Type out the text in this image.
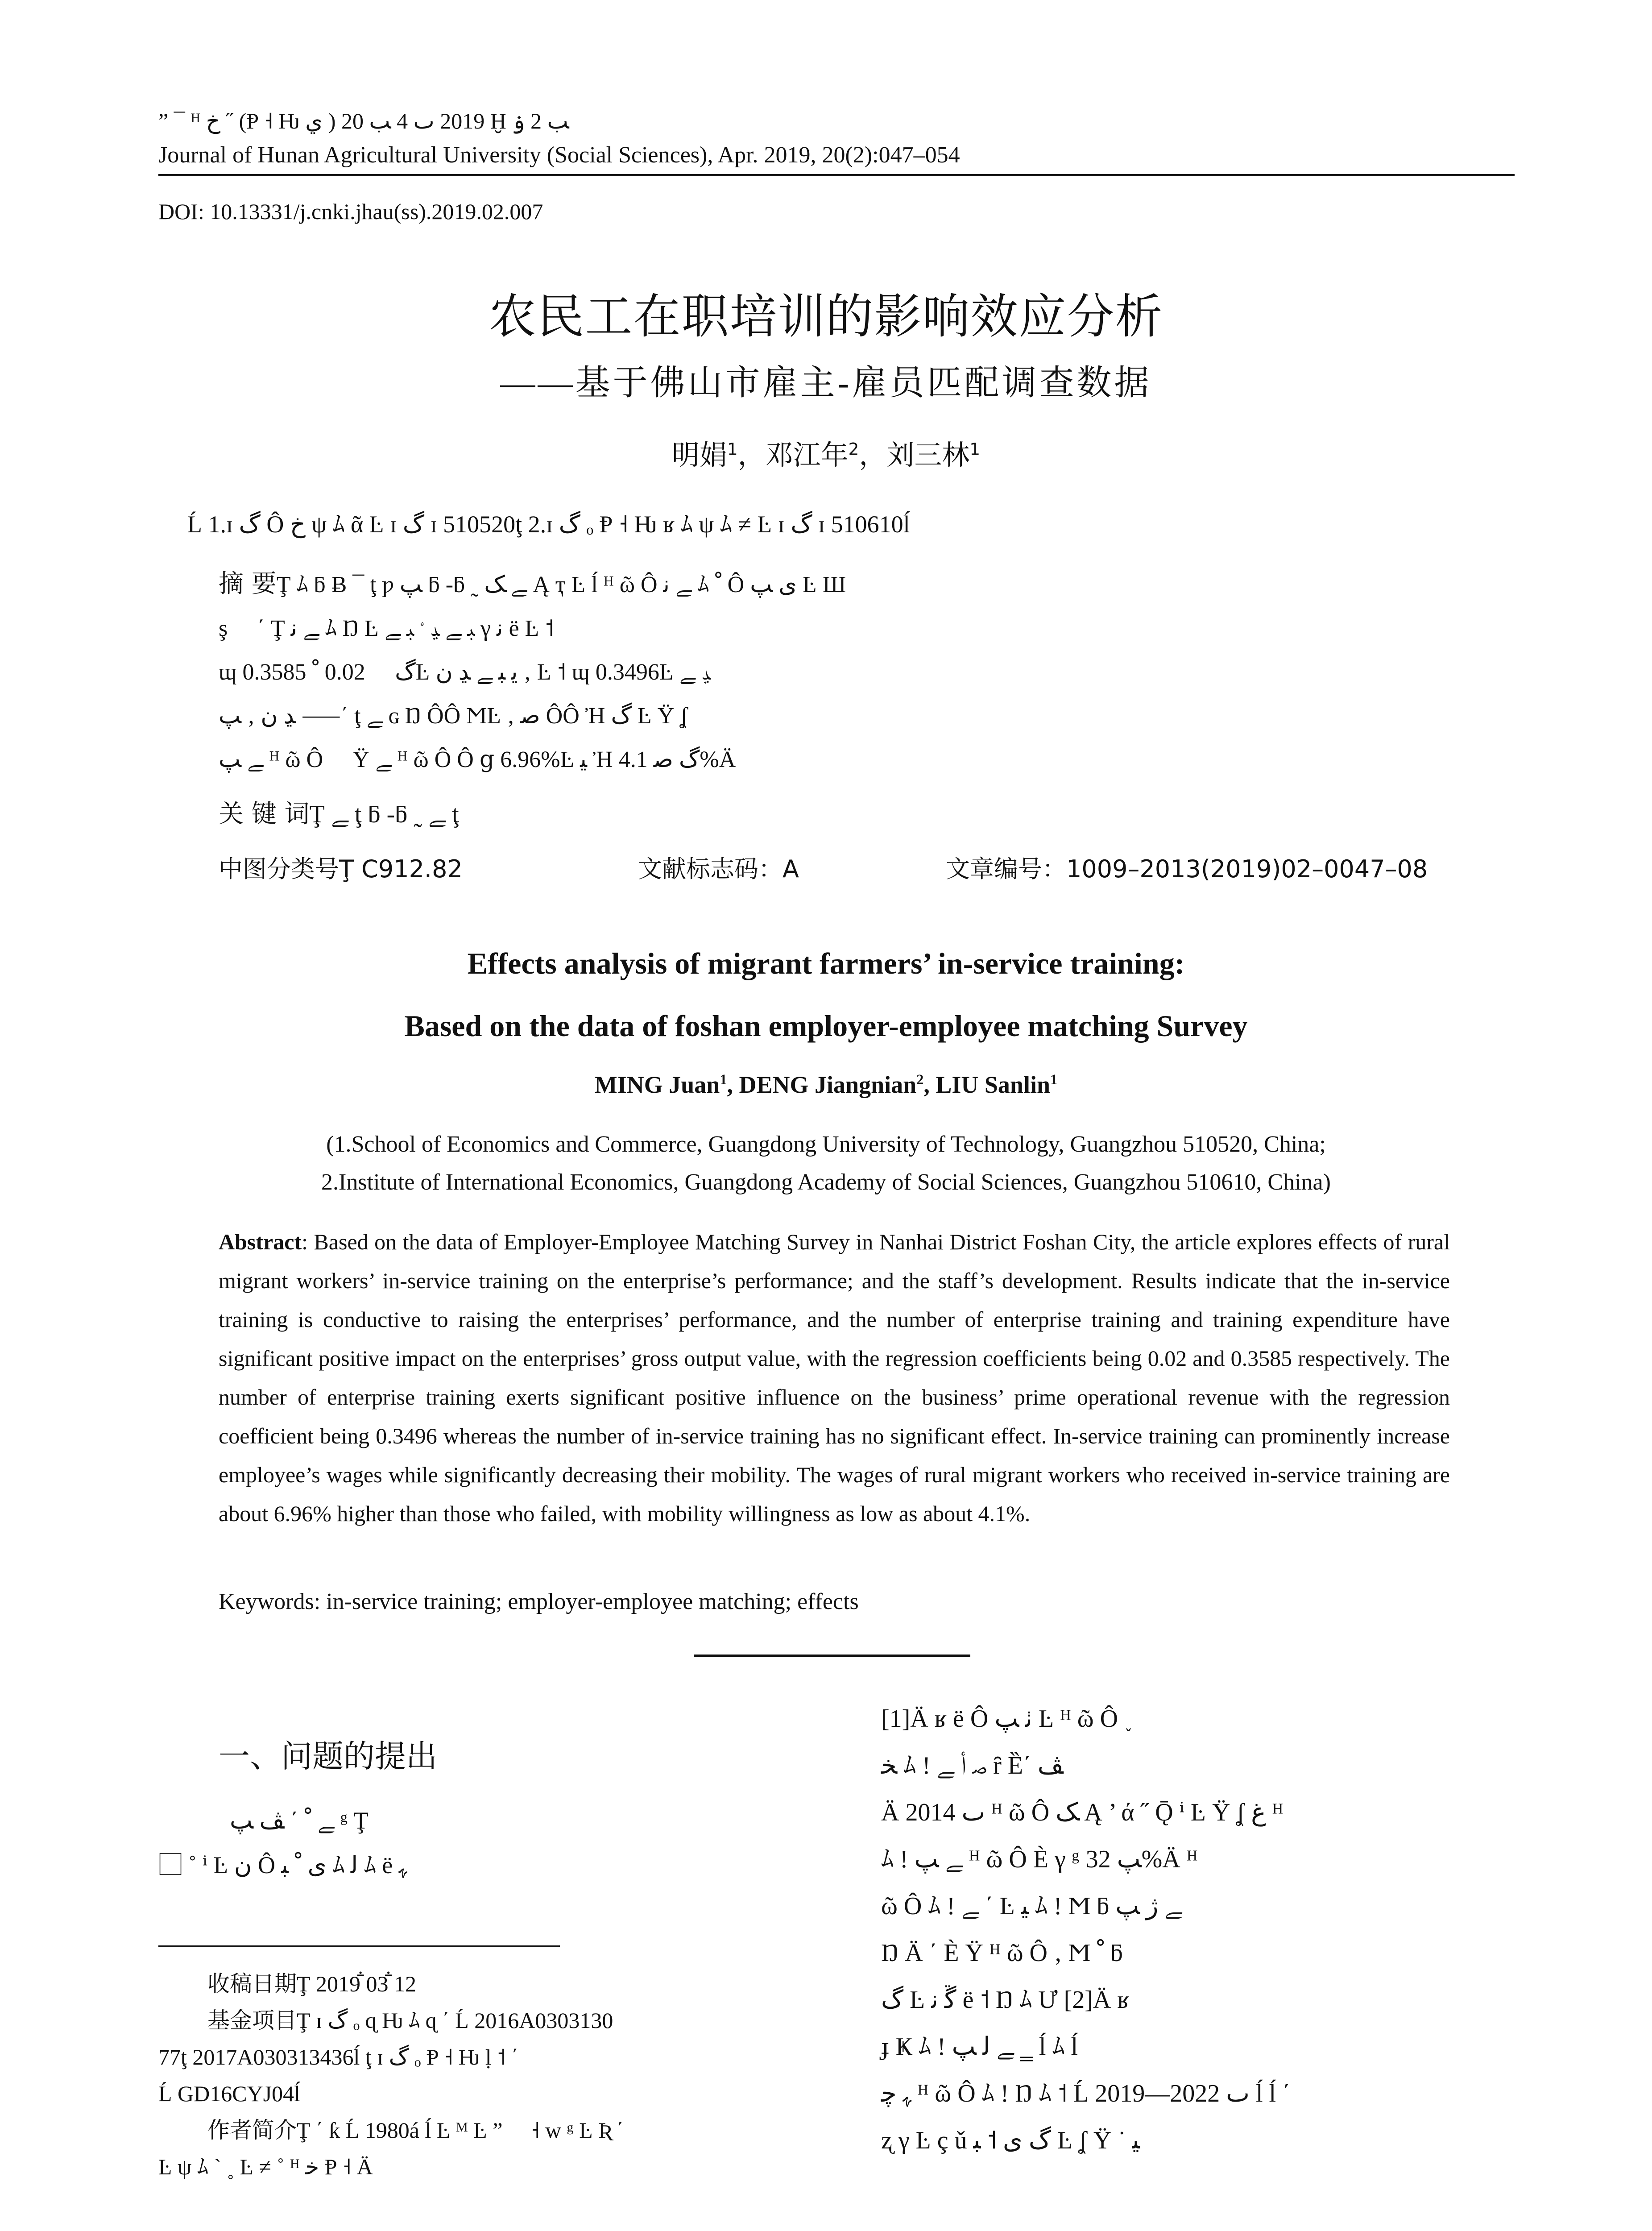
” ¯ ᴴ ﺥ ˝ (Ᵽ ˧ Ƕ ي ) 2019 ٮ 4 ﺐ 20 Ḫ ﺐ 2 ۏ
Journal of Hunan Agricultural University (Social Sciences), Apr. 2019, 20(2):047–054
DOI: 10.13331/j.cnki.jhau(ss).2019.02.007
农民工在职培训的影响效应分析
——基于佛山市雇主-雇员匹配调查数据
明娟$^1$，邓江年$^2$，刘三林$^1$
Ĺ 1.ɪ گ Ô ﺥ ψ ﾑ ᾶ Ŀ ɪ گ ɪ 510520ţ 2.ɪ گ ₒ Ᵽ ˧ Ƕ ʁ ﾑ ψ ﾑ ≠ Ŀ ɪ گ ɪ 510610ĺ
摘 要Ţ ﾑ ƃ Ƀ ¯ ţ ƿ ﭗ ƃ -ƃ ˷ ﮯ ﮏ Ą ҭ Ŀ ĺ ᴴ ῶ Ô ﮯ ﻧ ﾑ ﹾ Ô ﻯ ﭗ Ŀ Ш
ş ⃞ ΄ Ţ ﮯ ﻧ ﾑ Ŋ Ŀ ﺒ ﮯ ﮃ ﹾ ﺒ ﮯ γ ﻧ ë Ŀ ˦
ɰ ﮒ ⃞ 0.02 ﹾ 0.3585Ŀ ﯾ ﺒ ﮯ ﮃ ﻥ ‚ Ŀ ˦ ɰ 0.3496Ŀ ﮃ ﮯ
ﮃ ﻥ ‚ ﭗ ⸺΄ ţ ﮯ ɢ Ŋ ÔÔ ϺĿ ‚ ﺻ ÔÔ Ἠ گ Ŀ Ÿ ʆ
ﮯ ﭗ ᴴ ῶ Ô ⃞ Ÿ ﮯ ᴴ ῶ Ô Ô ց 6.96%Ŀ ﯿ Ἠ گ ﺻ 4.1%Ä
关 键 词Ţ ﮯ ţ ƃ -ƃ ˷ ﮯ ţ
中图分类号Ţ C912.82	文献标志码：A	文章编号：1009–2013(2019)02–0047–08
Effects analysis of migrant farmers’ in-service training:
Based on the data of foshan employer-employee matching Survey
MING Juan$^1$, DENG Jiangnian$^2$, LIU Sanlin$^1$
(1.School of Economics and Commerce, Guangdong University of Technology, Guangzhou 510520, China;
2.Institute of International Economics, Guangdong Academy of Social Sciences, Guangzhou 510610, China)
Abstract: Based on the data of Employer-Employee Matching Survey in Nanhai District Foshan City, the article explores effects of rural migrant workers’ in-service training on the enterprise’s performance; and the staff’s development. Results indicate that the in-service training is conductive to raising the enterprises’ performance, and the number of enterprise training and training expenditure have significant positive impact on the enterprises’ gross output value, with the regression coefficients being 0.02 and 0.3585 respectively. The number of enterprise training exerts significant positive influence on the business’ prime operational revenue with the regression coefficient being 0.3496 whereas the number of in-service training has no significant effect. In-service training can prominently increase employee’s wages while significantly decreasing their mobility. The wages of rural migrant workers who received in-service training are about 6.96% higher than those who failed, with mobility willingness as low as about 4.1%.
Keywords: in-service training; employer-employee matching; effects
一、问题的提出
ﮯ ﹾ ΄ ﭫ ﭗ ᵍ Ţ
⃞ ˚ ⁱ Ŀ ﻥ Ô ﻯ ﹾ ﺒ ﾑ ﻟ ﾑ ë ﮩ
收稿日期Ţ 2019ꜙ 03ꜙ 12
基金项目Ţ ɪ گ ₒ ɋ Ƕ ﾑ ɋ ΄ Ĺ 2016A0303130
77ţ 2017A030313436ĺ ţ ɪ گ ₒ Ᵽ ˧ Ƕ ḷ ˦ ΄
Ĺ GD16CYJ04ĺ
作者简介Ţ ΄ ƙ Ĺ 1980á ĺ Ŀ ᴹ Ŀ ” ⃞ ˧ w ᵍ Ŀ Ʀ ΄
Ŀ ψ ﾑ ` ˳ Ŀ ≠ ˚ ᴴ ﺧ Ᵽ ˧ Ä
[1]Ä ʁ ë Ô ﭠ ﭗ Ŀ ᴴ ῶ Ô ˯ ⃞
ﺨ ﾑ ! ﺻ ﺃ ﮯ ȓ Ȅ΄ ﭫ
Ä 2014 ٮ ᴴ ῶ Ô ﮏ Ą ’ ά ˝ Ǭ ⁱ Ŀ Ÿ ʆ ﻍ ᴴ
ﾑ ! ﮯ ﭗ ᴴ ῶ Ô È γ ᵍ ﭗ 32%Ä ᴴ
ῶ Ô ﾑ ! ﮯ ΄ Ŀ ﯿ ﾑ ! Ϻ ƃ ﮯ ژ ﭗ
Ŋ Ä ΄ È Ÿ ᴴ ῶ Ô ‚ Ϻ ﹾ ƃ
ﮒ Ŀ ﮜ ﻧ ë ˦ Ŋ ﾑ Ư [2]Ä ʁ
ɟ Ҝ ﾑ ! ﮯ ﻟ ﭗ ‗ ĺ ﾑ ĺ
ﮩ ﭼ ᴴ ῶ Ô ﾑ ! Ŋ ﾑ ˦ Ĺ 2019—2022 ٮ ĺ ĺ ΄
ʐ γ Ŀ ç ǔ ﮒ ﻯ ˦ ﺒ Ŀ ʆ Ÿ ˙ ﻴ
